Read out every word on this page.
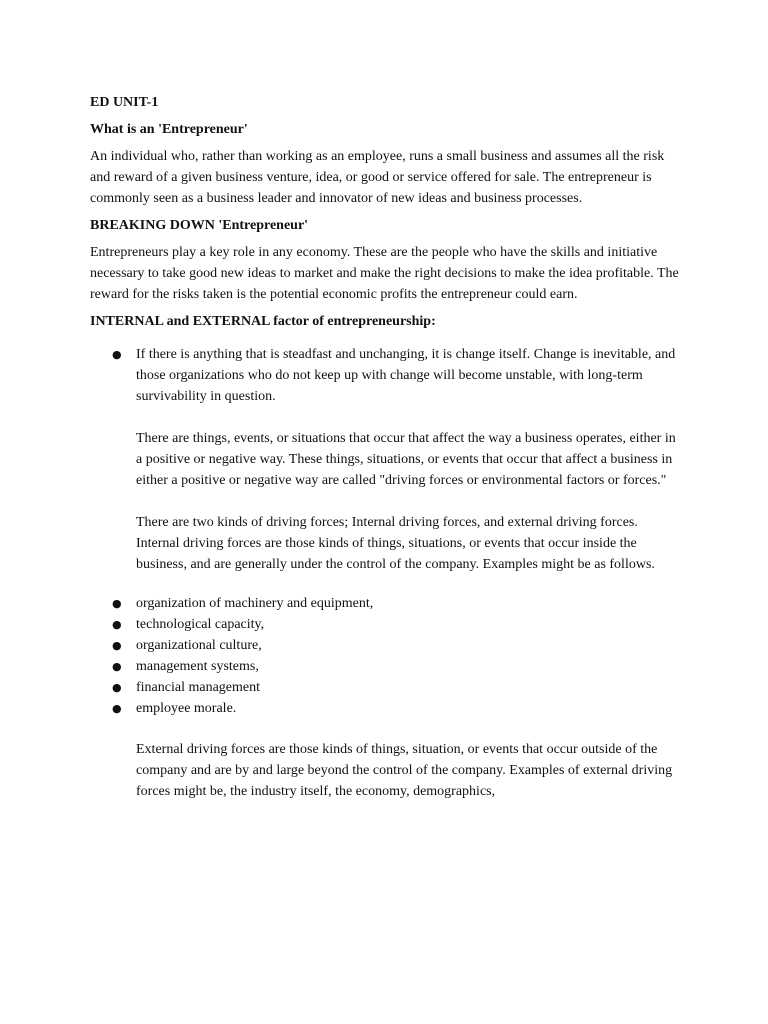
ED UNIT-1

What is an 'Entrepreneur'

An individual who, rather than working as an employee, runs a small business and assumes all the risk and reward of a given business venture, idea, or good or service offered for sale. The entrepreneur is commonly seen as a business leader and innovator of new ideas and business processes.

BREAKING DOWN 'Entrepreneur'

Entrepreneurs play a key role in any economy. These are the people who have the skills and initiative necessary to take good new ideas to market and make the right decisions to make the idea profitable. The reward for the risks taken is the potential economic profits the entrepreneur could earn.

INTERNAL and EXTERNAL factor of entrepreneurship:

● If there is anything that is steadfast and unchanging, it is change itself. Change is inevitable, and those organizations who do not keep up with change will become unstable, with long-term survivability in question.

There are things, events, or situations that occur that affect the way a business operates, either in a positive or negative way. These things, situations, or events that occur that affect a business in either a positive or negative way are called "driving forces or environmental factors or forces."

There are two kinds of driving forces; Internal driving forces, and external driving forces. Internal driving forces are those kinds of things, situations, or events that occur inside the business, and are generally under the control of the company. Examples might be as follows.

● organization of machinery and equipment,
● technological capacity,
● organizational culture,
● management systems,
● financial management
● employee morale.

External driving forces are those kinds of things, situation, or events that occur outside of the company and are by and large beyond the control of the company. Examples of external driving forces might be, the industry itself, the economy, demographics,
